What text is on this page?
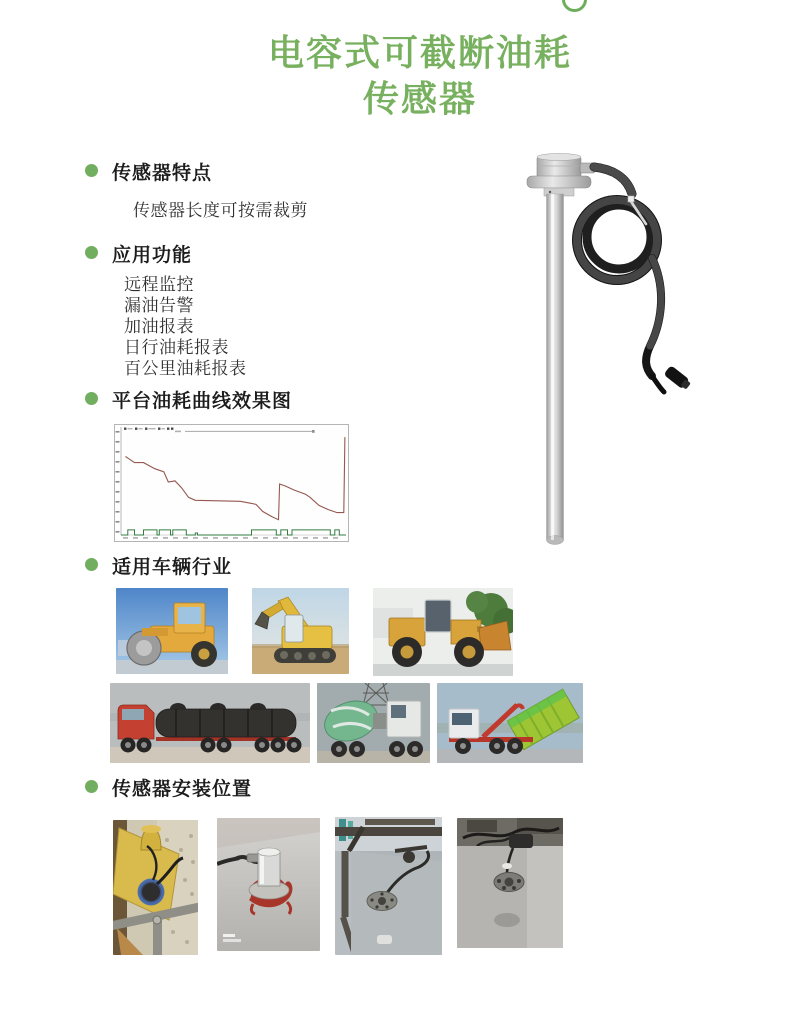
电容式可截断油耗
传感器
传感器特点
传感器长度可按需裁剪
应用功能
远程监控
漏油告警
加油报表
日行油耗报表
百公里油耗报表
平台油耗曲线效果图
适用车辆行业
传感器安装位置
